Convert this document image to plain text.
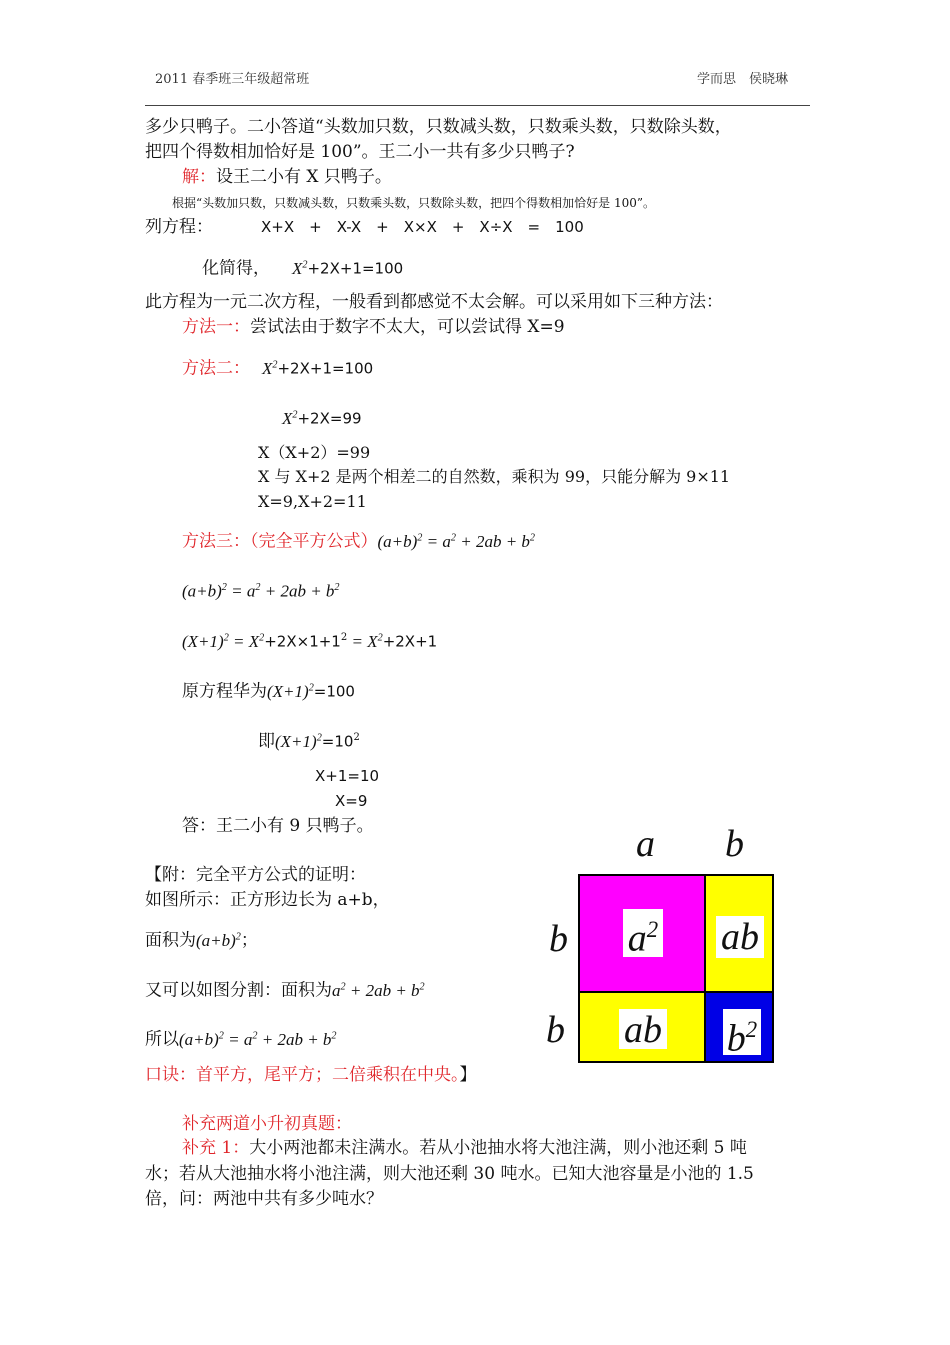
2011 春季班三年级超常班	学而思　侯晓琳
多少只鸭子。二小答道“头数加只数，只数减头数，只数乘头数，只数除头数，
把四个得数相加恰好是 100”。王二小一共有多少只鸭子?
解：设王二小有 X 只鸭子。
根据“头数加只数，只数减头数，只数乘头数，只数除头数，把四个得数相加恰好是 100”。
列方程：	X+X　+　X-X　+　X×X　+　X÷X　=　100
化简得， $X^2+2X+1=100$
此方程为一元二次方程，一般看到都感觉不太会解。可以采用如下三种方法：
方法一：尝试法由于数字不太大，可以尝试得 X=9
方法二： $X^2+2X+1=100$
$X^2+2X=99$
X（X+2）=99
X 与 X+2 是两个相差二的自然数，乘积为 99，只能分解为 9×11
X=9,X+2=11
方法三：（完全平方公式）$(a+b)^2 = a^2 + 2ab + b^2$
$(a+b)^2 = a^2 + 2ab + b^2$
$(X+1)^2 = X^2+2X\times 1+1^2 = X^2+2X+1$
原方程华为$(X+1)^2=100$
即$(X+1)^2=10^2$
X+1=10
X=9
答：王二小有 9 只鸭子。
【附：完全平方公式的证明：
如图所示：正方形边长为 a+b，
面积为$(a+b)^2$；
又可以如图分割：面积为$a^2 + 2ab + b^2$
所以$(a+b)^2 = a^2 + 2ab + b^2$
口诀：首平方，尾平方；二倍乘积在中央。】
a b
b
b
$a^2$ ab
ab $b^2$
补充两道小升初真题：
补充 1：大小两池都未注满水。若从小池抽水将大池注满，则小池还剩 5 吨
水；若从大池抽水将小池注满，则大池还剩 30 吨水。已知大池容量是小池的 1.5
倍，问：两池中共有多少吨水？
